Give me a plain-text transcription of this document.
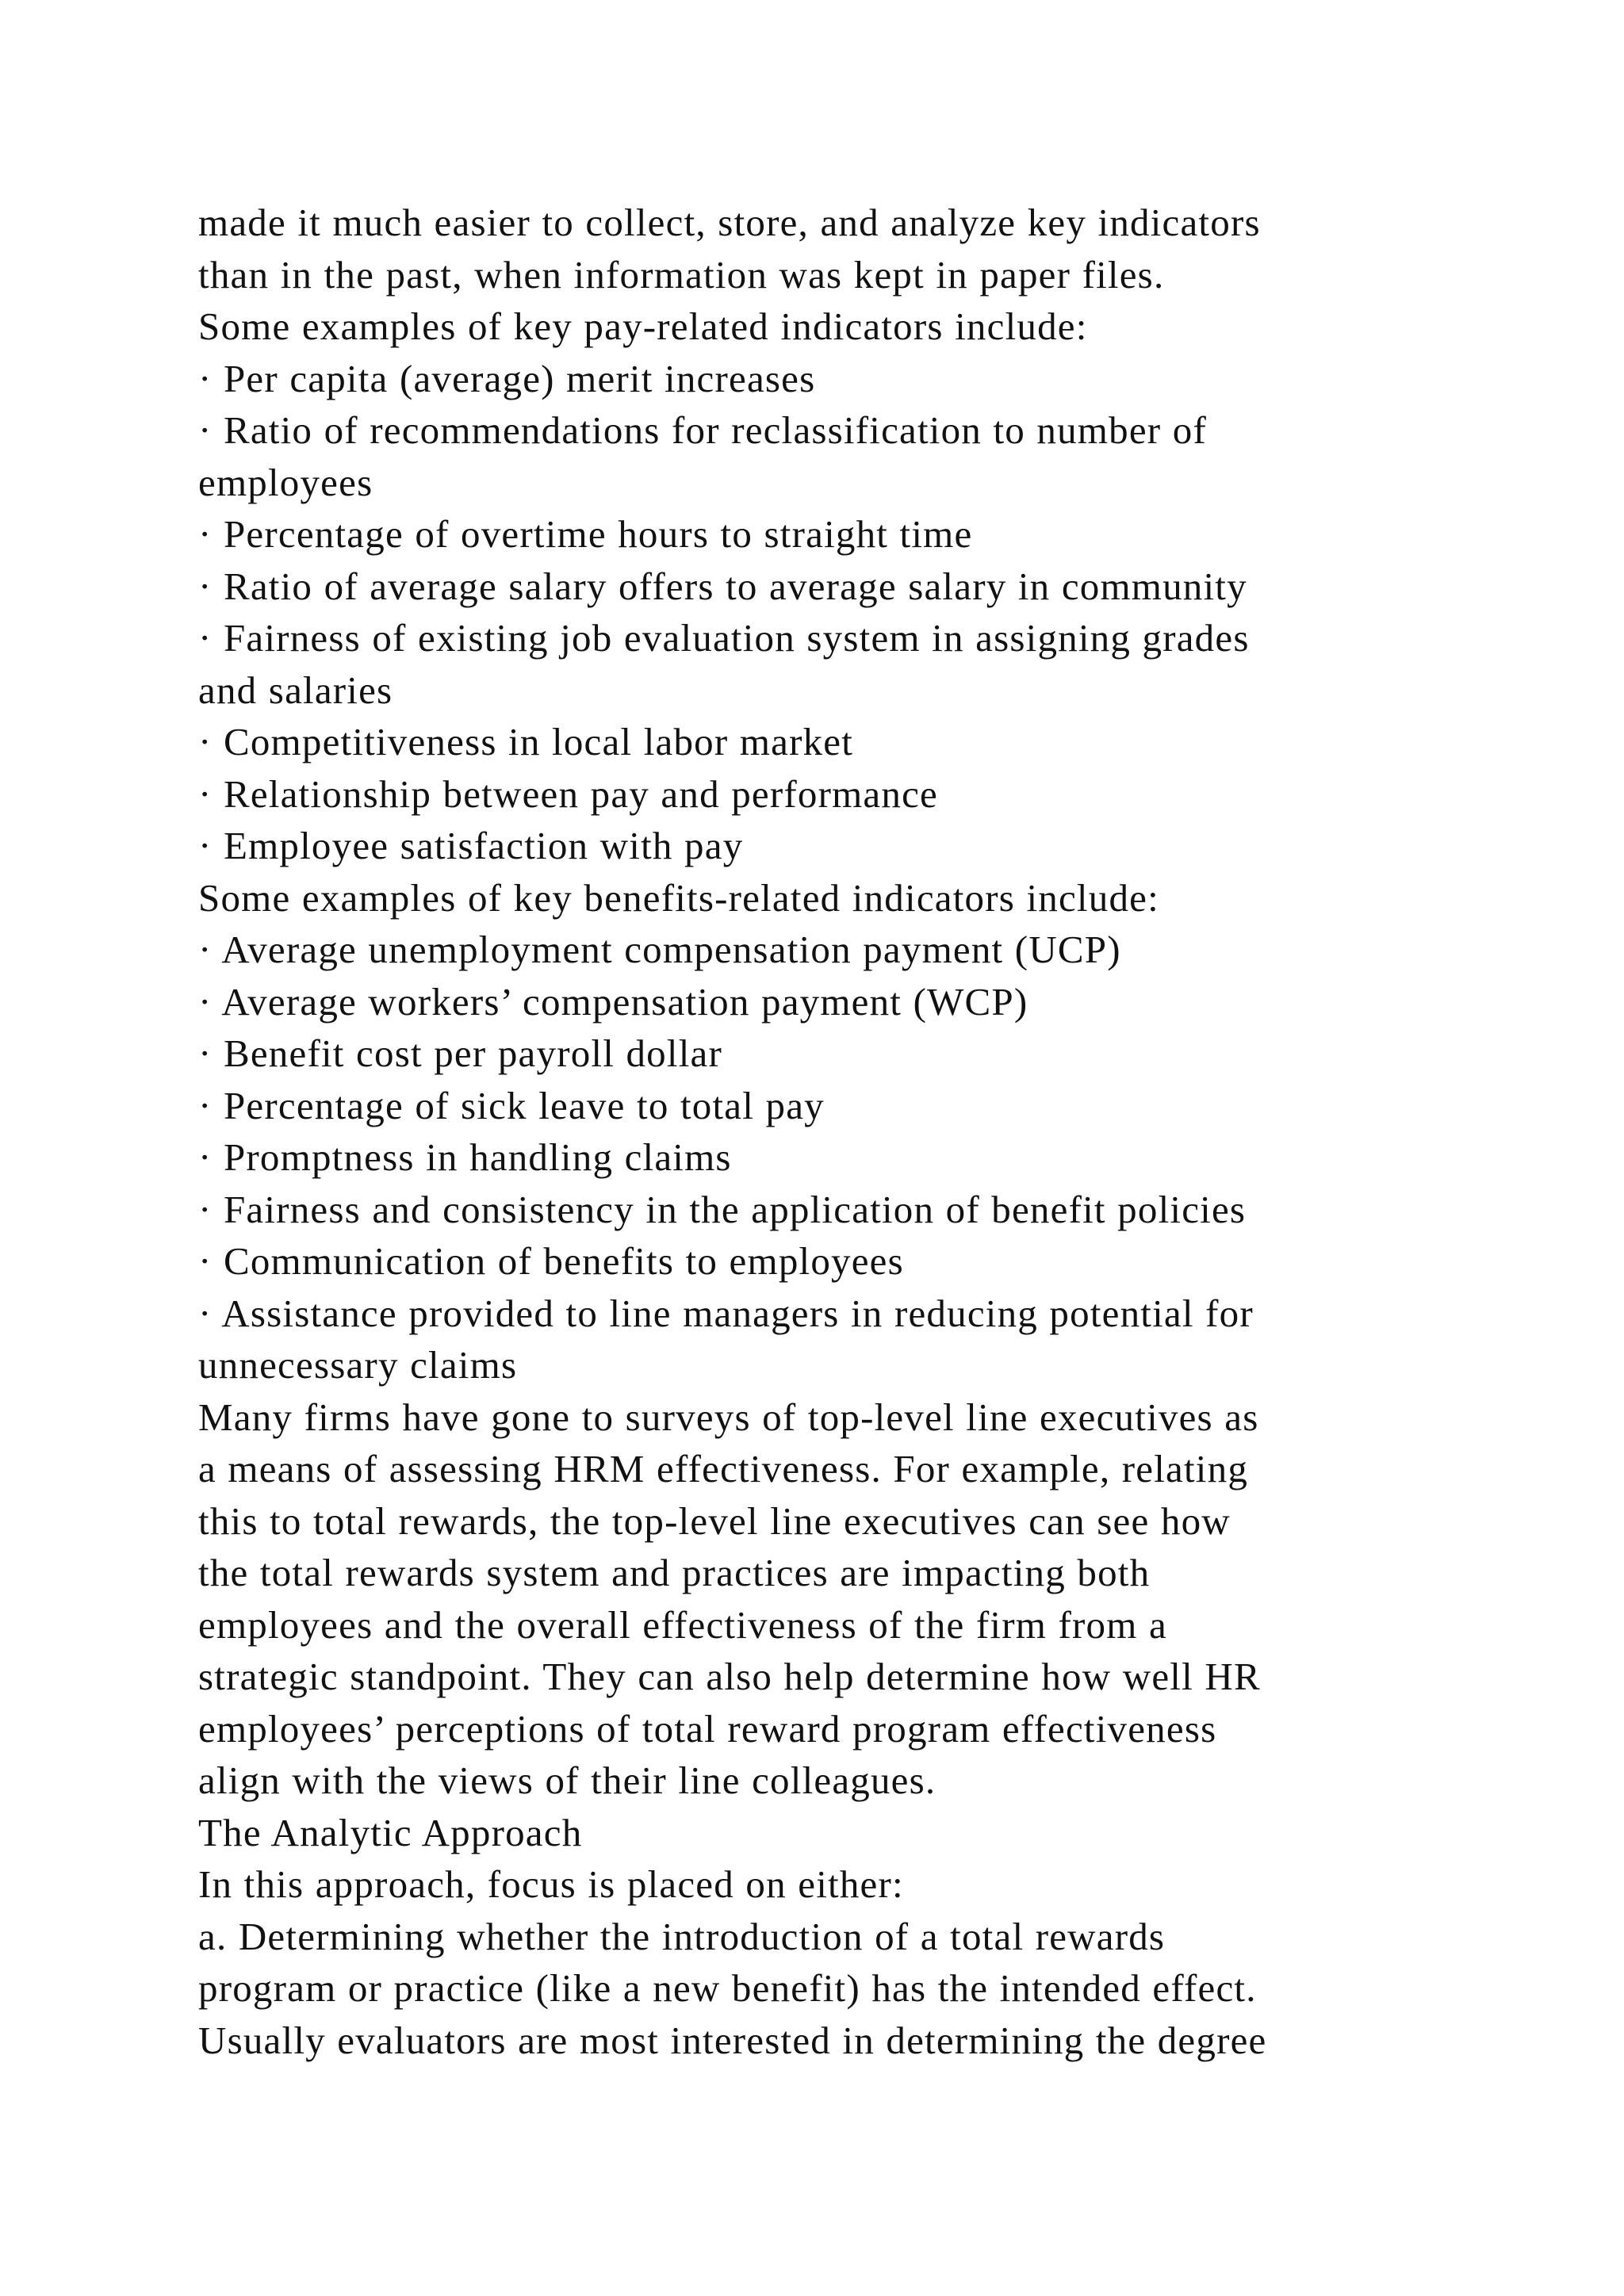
made it much easier to collect, store, and analyze key indicators
than in the past, when information was kept in paper files.
Some examples of key pay-related indicators include:
· Per capita (average) merit increases
· Ratio of recommendations for reclassification to number of
employees
· Percentage of overtime hours to straight time
· Ratio of average salary offers to average salary in community
· Fairness of existing job evaluation system in assigning grades
and salaries
· Competitiveness in local labor market
· Relationship between pay and performance
· Employee satisfaction with pay
Some examples of key benefits-related indicators include:
· Average unemployment compensation payment (UCP)
· Average workers’ compensation payment (WCP)
· Benefit cost per payroll dollar
· Percentage of sick leave to total pay
· Promptness in handling claims
· Fairness and consistency in the application of benefit policies
· Communication of benefits to employees
· Assistance provided to line managers in reducing potential for
unnecessary claims
Many firms have gone to surveys of top-level line executives as
a means of assessing HRM effectiveness. For example, relating
this to total rewards, the top-level line executives can see how
the total rewards system and practices are impacting both
employees and the overall effectiveness of the firm from a
strategic standpoint. They can also help determine how well HR
employees’ perceptions of total reward program effectiveness
align with the views of their line colleagues.
The Analytic Approach
In this approach, focus is placed on either:
a. Determining whether the introduction of a total rewards
program or practice (like a new benefit) has the intended effect.
Usually evaluators are most interested in determining the degree
